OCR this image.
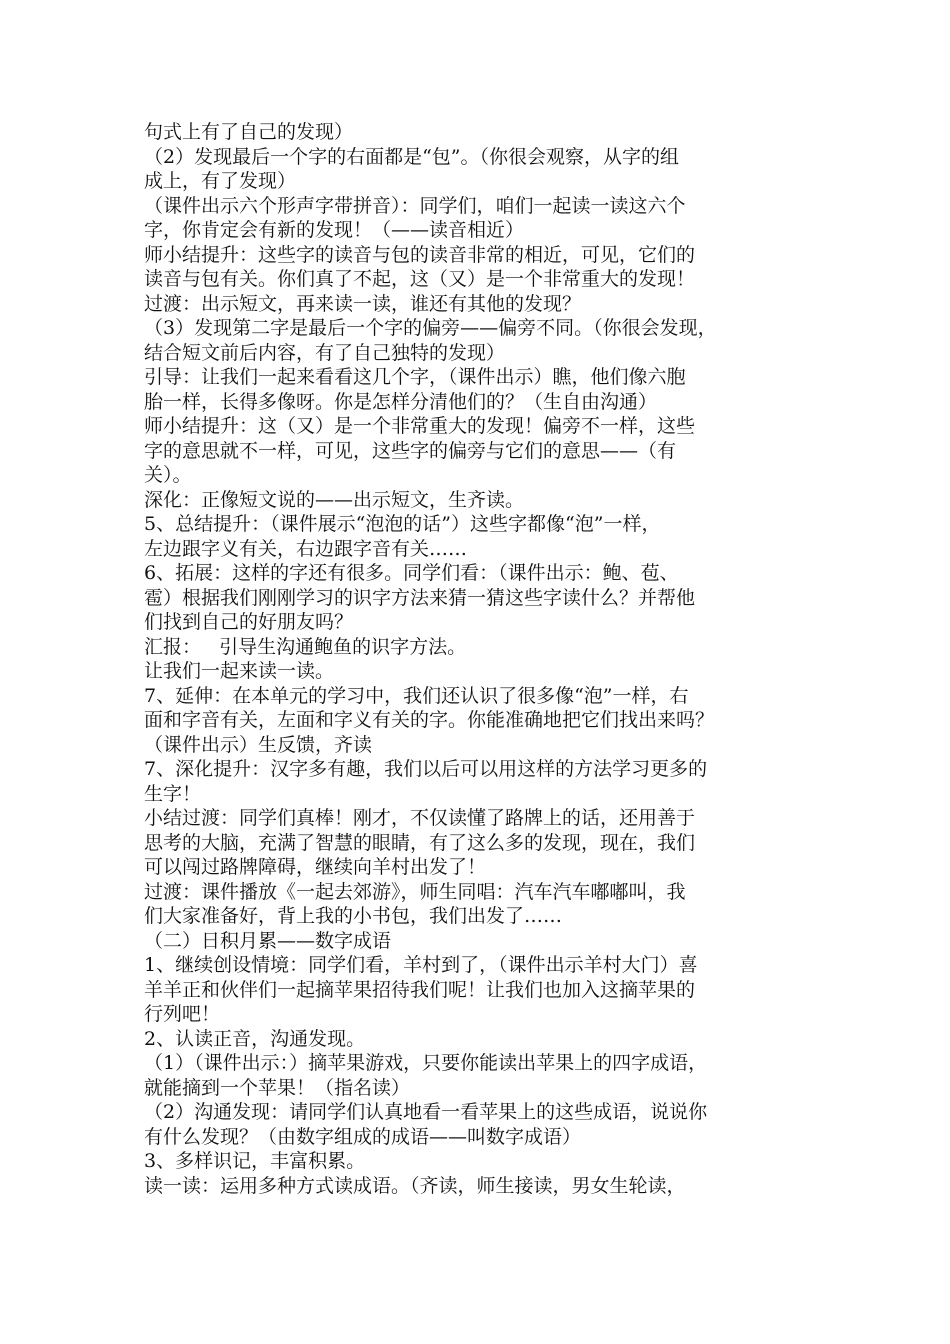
句式上有了自己的发现）
（2）发现最后一个字的右面都是“包”。（你很会观察，从字的组
成上，有了发现）
（课件出示六个形声字带拼音）：同学们，咱们一起读一读这六个
字，你肯定会有新的发现！（——读音相近）
师小结提升：这些字的读音与包的读音非常的相近，可见，它们的
读音与包有关。你们真了不起，这（又）是一个非常重大的发现！
过渡：出示短文，再来读一读，谁还有其他的发现？
（3）发现第二字是最后一个字的偏旁——偏旁不同。（你很会发现，
结合短文前后内容，有了自己独特的发现）
引导：让我们一起来看看这几个字，（课件出示）瞧，他们像六胞
胎一样，长得多像呀。你是怎样分清他们的？（生自由沟通）
师小结提升：这（又）是一个非常重大的发现！偏旁不一样，这些
字的意思就不一样，可见，这些字的偏旁与它们的意思——（有
关）。
深化：正像短文说的——出示短文，生齐读。
5、总结提升：（课件展示“泡泡的话”）这些字都像“泡”一样，
左边跟字义有关，右边跟字音有关……
6、拓展：这样的字还有很多。同学们看：（课件出示：鲍、苞、
雹）根据我们刚刚学习的识字方法来猜一猜这些字读什么？并帮他
们找到自己的好朋友吗？
汇报：   引导生沟通鲍鱼的识字方法。
让我们一起来读一读。
7、延伸：在本单元的学习中，我们还认识了很多像“泡”一样，右
面和字音有关，左面和字义有关的字。你能准确地把它们找出来吗？
（课件出示）生反馈，齐读
7、深化提升：汉字多有趣，我们以后可以用这样的方法学习更多的
生字！
小结过渡：同学们真棒！刚才，不仅读懂了路牌上的话，还用善于
思考的大脑，充满了智慧的眼睛，有了这么多的发现，现在，我们
可以闯过路牌障碍，继续向羊村出发了！
过渡：课件播放《一起去郊游》，师生同唱：汽车汽车嘟嘟叫，我
们大家准备好，背上我的小书包，我们出发了……
（二）日积月累——数字成语
1、继续创设情境：同学们看，羊村到了，（课件出示羊村大门）喜
羊羊正和伙伴们一起摘苹果招待我们呢！让我们也加入这摘苹果的
行列吧！
2、认读正音，沟通发现。
（1）（课件出示：）摘苹果游戏，只要你能读出苹果上的四字成语，
就能摘到一个苹果！（指名读）
（2）沟通发现：请同学们认真地看一看苹果上的这些成语，说说你
有什么发现？（由数字组成的成语——叫数字成语）
3、多样识记，丰富积累。
读一读：运用多种方式读成语。（齐读，师生接读，男女生轮读，
